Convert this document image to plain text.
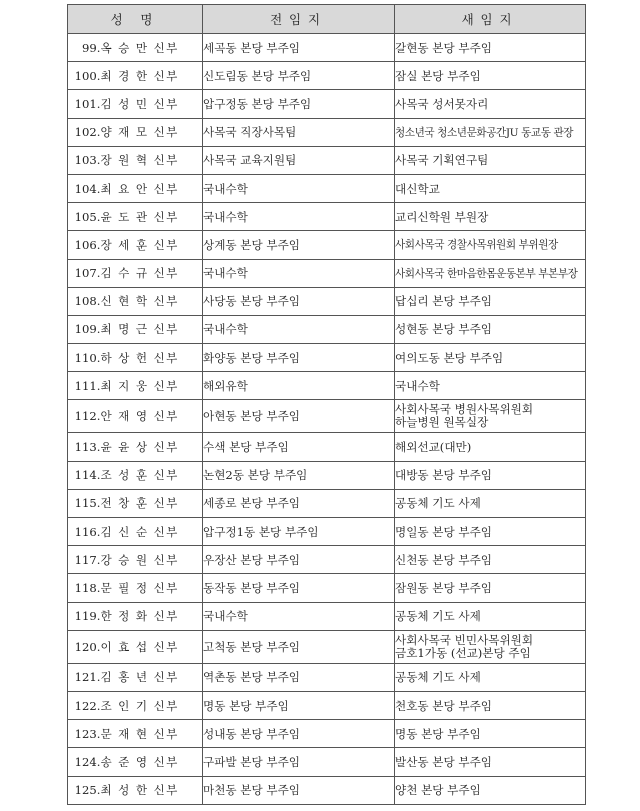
성 명		전임지	새임지
99.	옥 승 만 신부	세곡동 본당 부주임	갈현동 본당 부주임
100.	최 경 한 신부	신도림동 본당 부주임	잠실 본당 부주임
101.	김 성 민 신부	압구정동 본당 부주임	사목국 성서못자리
102.	양 재 모 신부	사목국 직장사목팀	청소년국 청소년문화공간JU 동교동 관장
103.	장 원 혁 신부	사목국 교육지원팀	사목국 기획연구팀
104.	최 요 안 신부	국내수학	대신학교
105.	윤 도 관 신부	국내수학	교리신학원 부원장
106.	장 세 훈 신부	상계동 본당 부주임	사회사목국 경찰사목위원회 부위원장
107.	김 수 규 신부	국내수학	사회사목국 한마음한몸운동본부 부본부장
108.	신 현 학 신부	사당동 본당 부주임	답십리 본당 부주임
109.	최 명 근 신부	국내수학	성현동 본당 부주임
110.	하 상 헌 신부	화양동 본당 부주임	여의도동 본당 부주임
111.	최 지 웅 신부	해외유학	국내수학
112.	안 재 영 신부	아현동 본당 부주임	사회사목국 병원사목위원회
하늘병원 원목실장

113.	윤 윤 상 신부	수색 본당 부주임	해외선교(대만)
114.	조 성 훈 신부	논현2동 본당 부주임	대방동 본당 부주임
115.	전 창 훈 신부	세종로 본당 부주임	공동체 기도 사제
116.	김 신 순 신부	압구정1동 본당 부주임	명일동 본당 부주임
117.	강 승 원 신부	우장산 본당 부주임	신천동 본당 부주임
118.	문 필 정 신부	동작동 본당 부주임	잠원동 본당 부주임
119.	한 정 화 신부	국내수학	공동체 기도 사제
120.	이 효 섭 신부	고척동 본당 부주임	사회사목국 빈민사목위원회
금호1가동 (선교)본당 주임

121.	김 홍 년 신부	역촌동 본당 부주임	공동체 기도 사제
122.	조 인 기 신부	명동 본당 부주임	천호동 본당 부주임
123.	문 재 현 신부	성내동 본당 부주임	명동 본당 부주임
124.	송 준 영 신부	구파발 본당 부주임	발산동 본당 부주임
125.	최 성 한 신부	마천동 본당 부주임	양천 본당 부주임
